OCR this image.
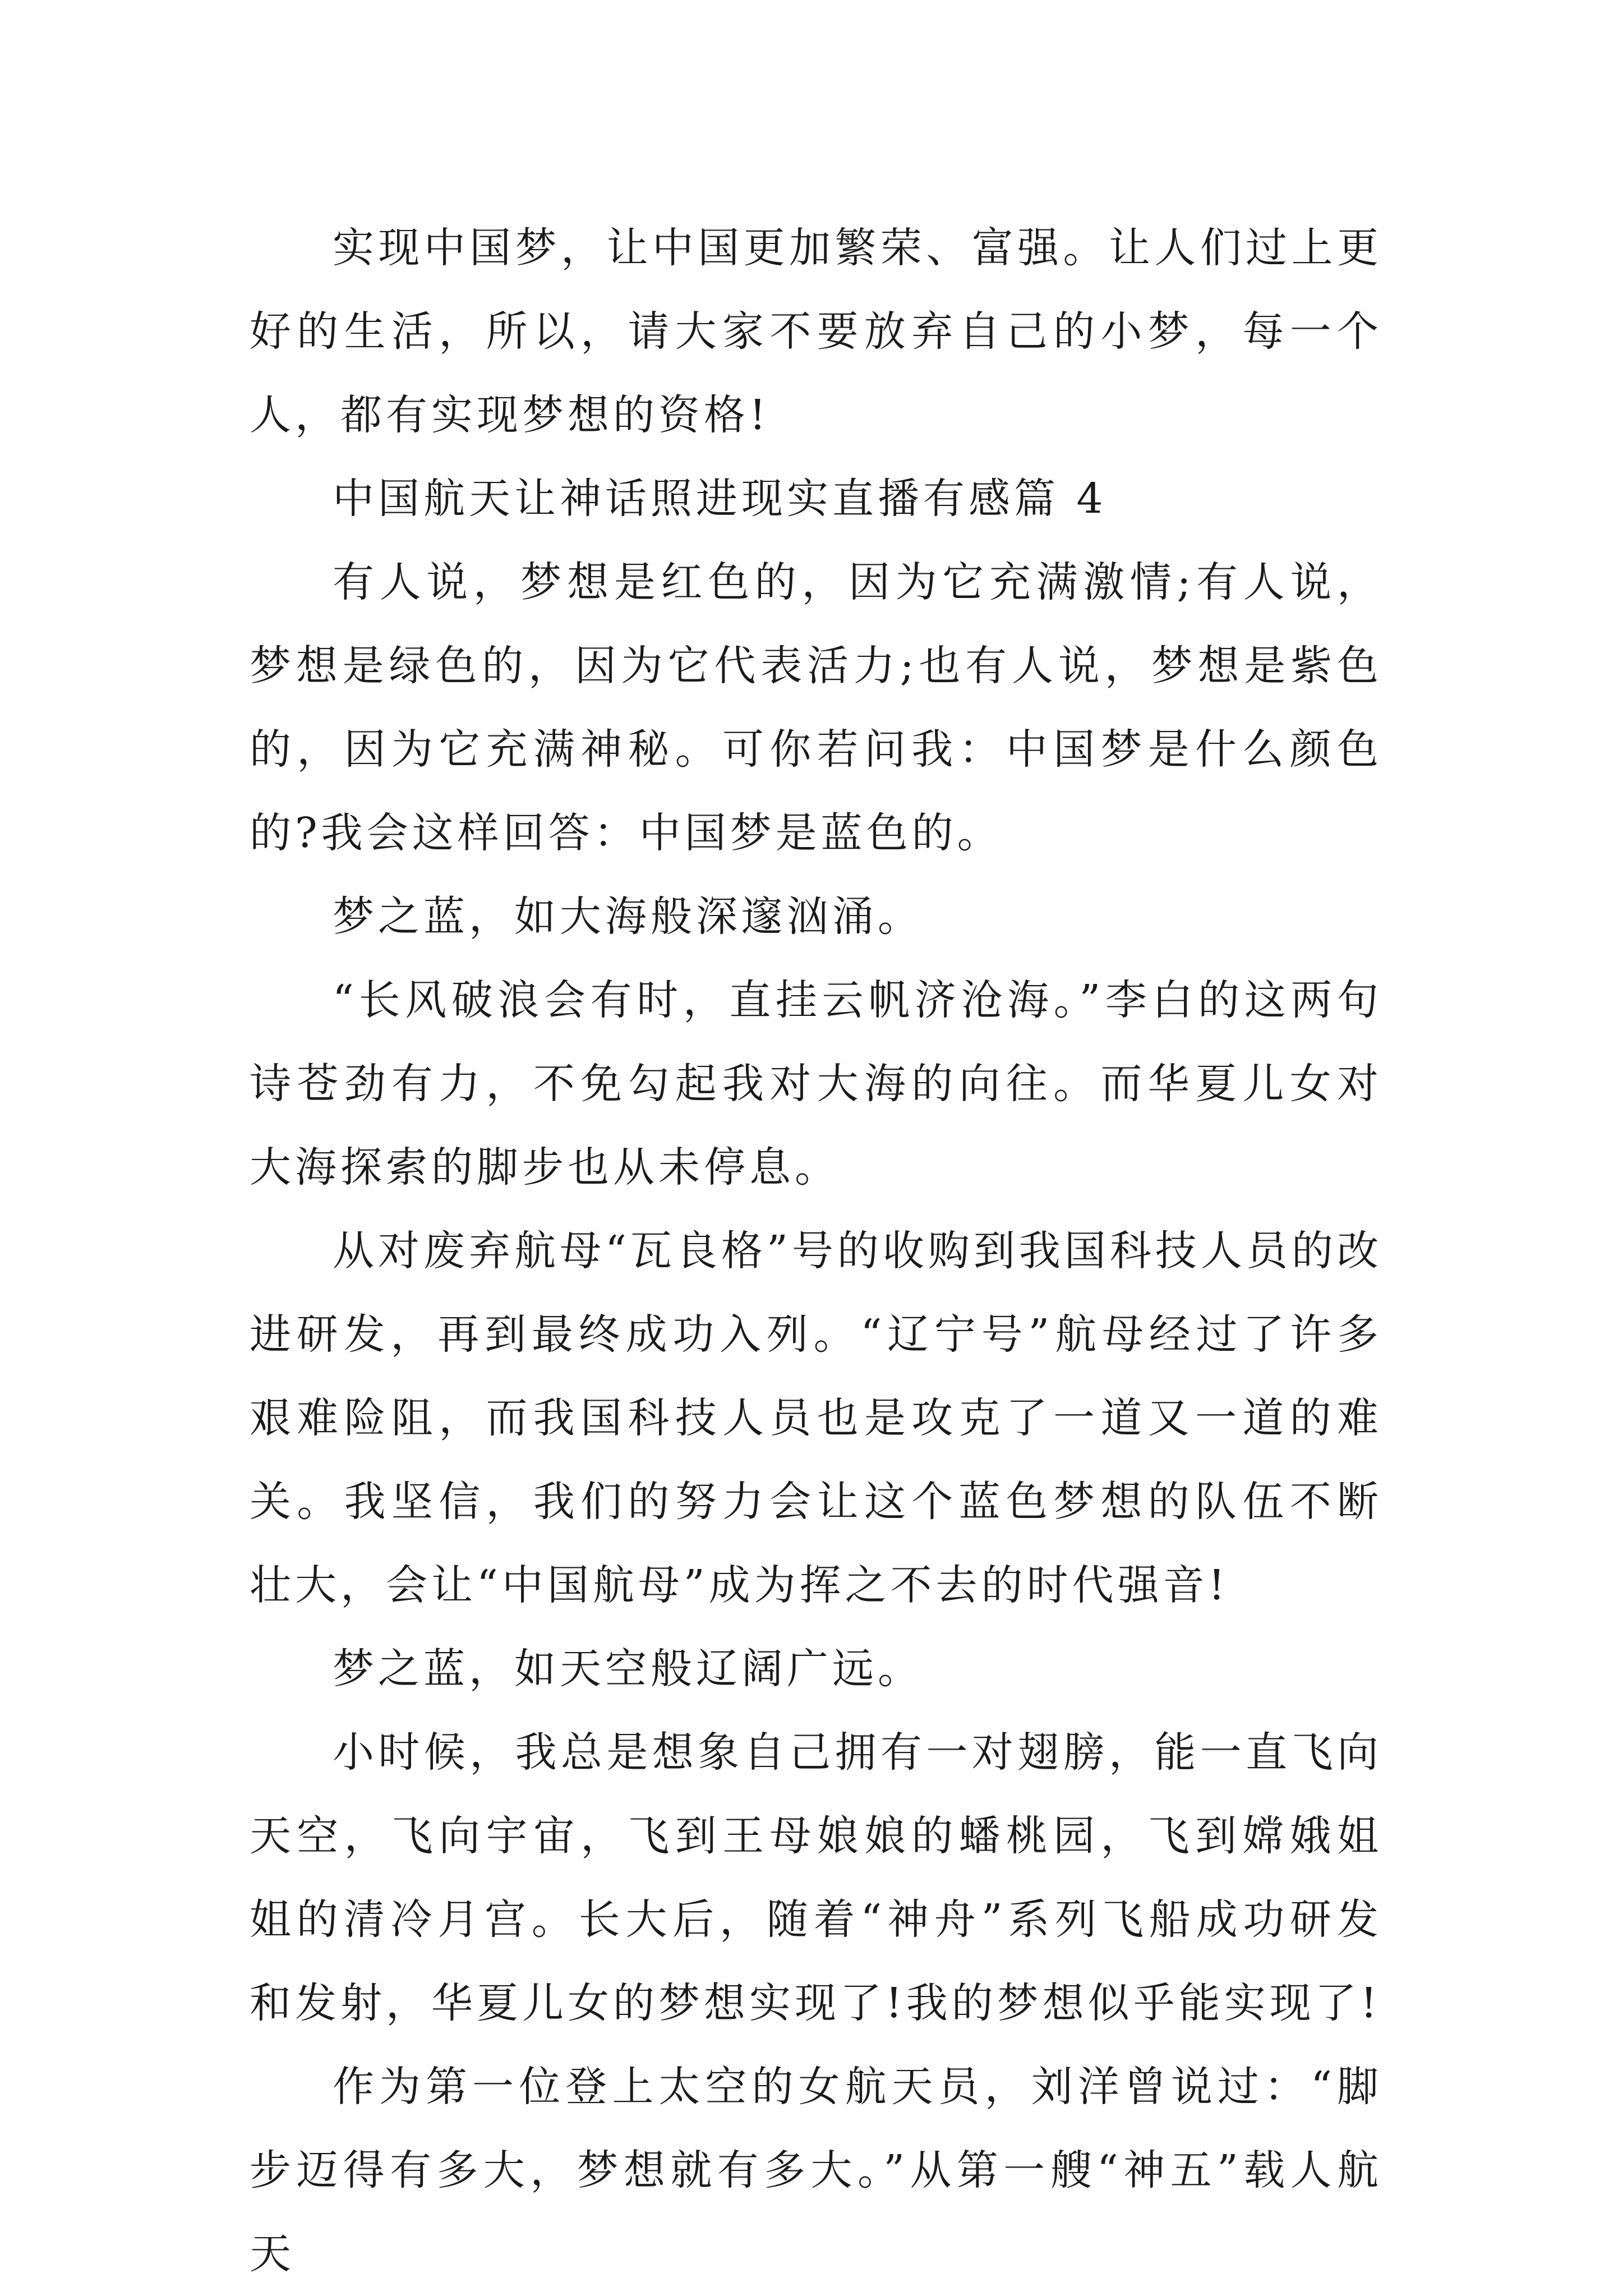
实现中国梦，让中国更加繁荣、富强。让人们过上更好的生活，所以，请大家不要放弃自己的小梦，每一个人，都有实现梦想的资格!

中国航天让神话照进现实直播有感篇 4

有人说，梦想是红色的，因为它充满激情;有人说，梦想是绿色的，因为它代表活力;也有人说，梦想是紫色的，因为它充满神秘。可你若问我：中国梦是什么颜色的?我会这样回答：中国梦是蓝色的。

梦之蓝，如大海般深邃汹涌。

“长风破浪会有时，直挂云帆济沧海。”李白的这两句诗苍劲有力，不免勾起我对大海的向往。而华夏儿女对大海探索的脚步也从未停息。

从对废弃航母“瓦良格”号的收购到我国科技人员的改进研发，再到最终成功入列。“辽宁号”航母经过了许多艰难险阻，而我国科技人员也是攻克了一道又一道的难关。我坚信，我们的努力会让这个蓝色梦想的队伍不断壮大，会让“中国航母”成为挥之不去的时代强音!

梦之蓝，如天空般辽阔广远。

小时候，我总是想象自己拥有一对翅膀，能一直飞向天空，飞向宇宙，飞到王母娘娘的蟠桃园，飞到嫦娥姐姐的清冷月宫。长大后，随着“神舟”系列飞船成功研发和发射，华夏儿女的梦想实现了!我的梦想似乎能实现了!

作为第一位登上太空的女航天员，刘洋曾说过：“脚步迈得有多大，梦想就有多大。”从第一艘“神五”载人航天
